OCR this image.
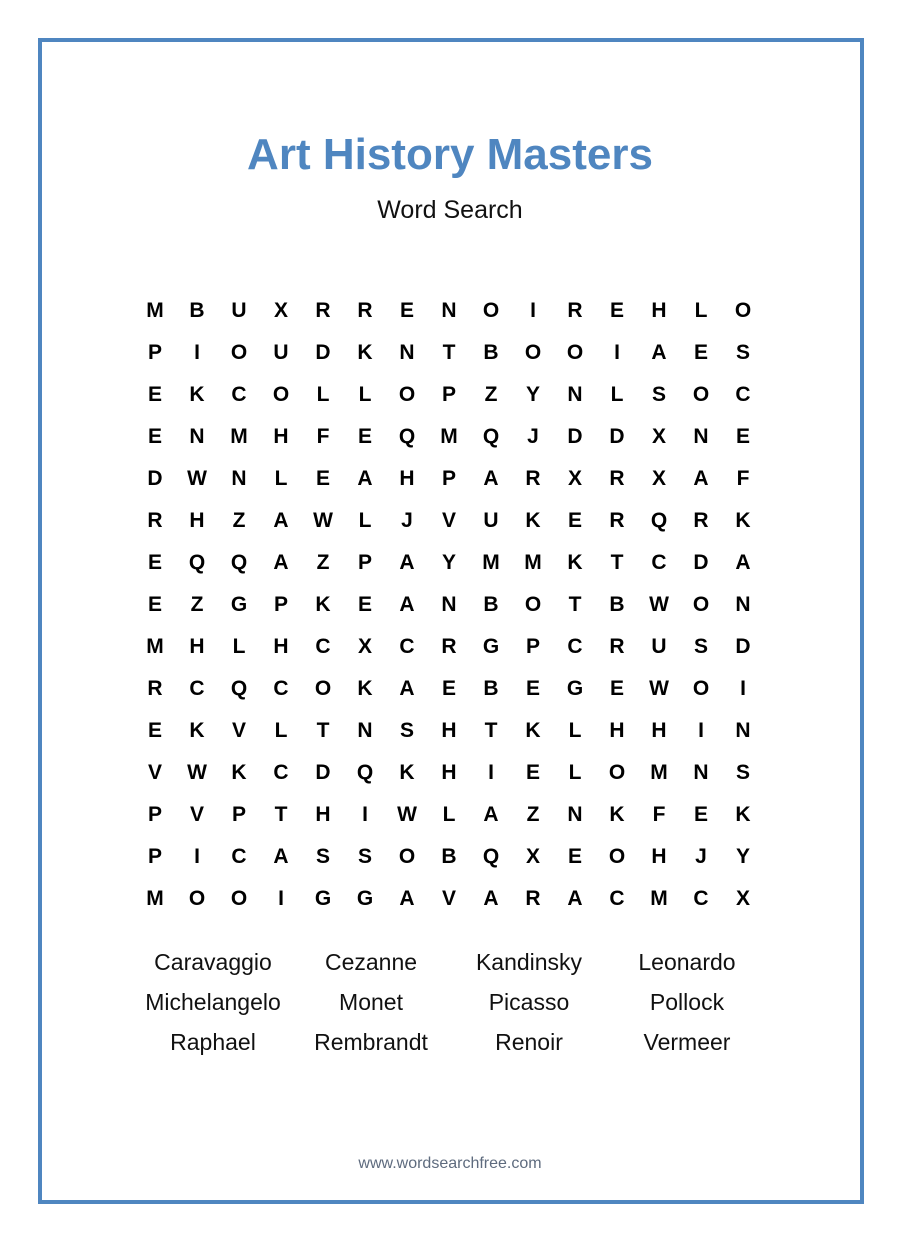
Art History Masters
Word Search
M	B	U	X	R	R	E	N	O	I	R	E	H	L	O
P	I	O	U	D	K	N	T	B	O	O	I	A	E	S
E	K	C	O	L	L	O	P	Z	Y	N	L	S	O	C
E	N	M	H	F	E	Q	M	Q	J	D	D	X	N	E
D	W	N	L	E	A	H	P	A	R	X	R	X	A	F
R	H	Z	A	W	L	J	V	U	K	E	R	Q	R	K
E	Q	Q	A	Z	P	A	Y	M	M	K	T	C	D	A
E	Z	G	P	K	E	A	N	B	O	T	B	W	O	N
M	H	L	H	C	X	C	R	G	P	C	R	U	S	D
R	C	Q	C	O	K	A	E	B	E	G	E	W	O	I
E	K	V	L	T	N	S	H	T	K	L	H	H	I	N
V	W	K	C	D	Q	K	H	I	E	L	O	M	N	S
P	V	P	T	H	I	W	L	A	Z	N	K	F	E	K
P	I	C	A	S	S	O	B	Q	X	E	O	H	J	Y
M	O	O	I	G	G	A	V	A	R	A	C	M	C	X
Caravaggio	Cezanne	Kandinsky	Leonardo
Michelangelo	Monet	Picasso	Pollock
Raphael	Rembrandt	Renoir	Vermeer
www.wordsearchfree.com
